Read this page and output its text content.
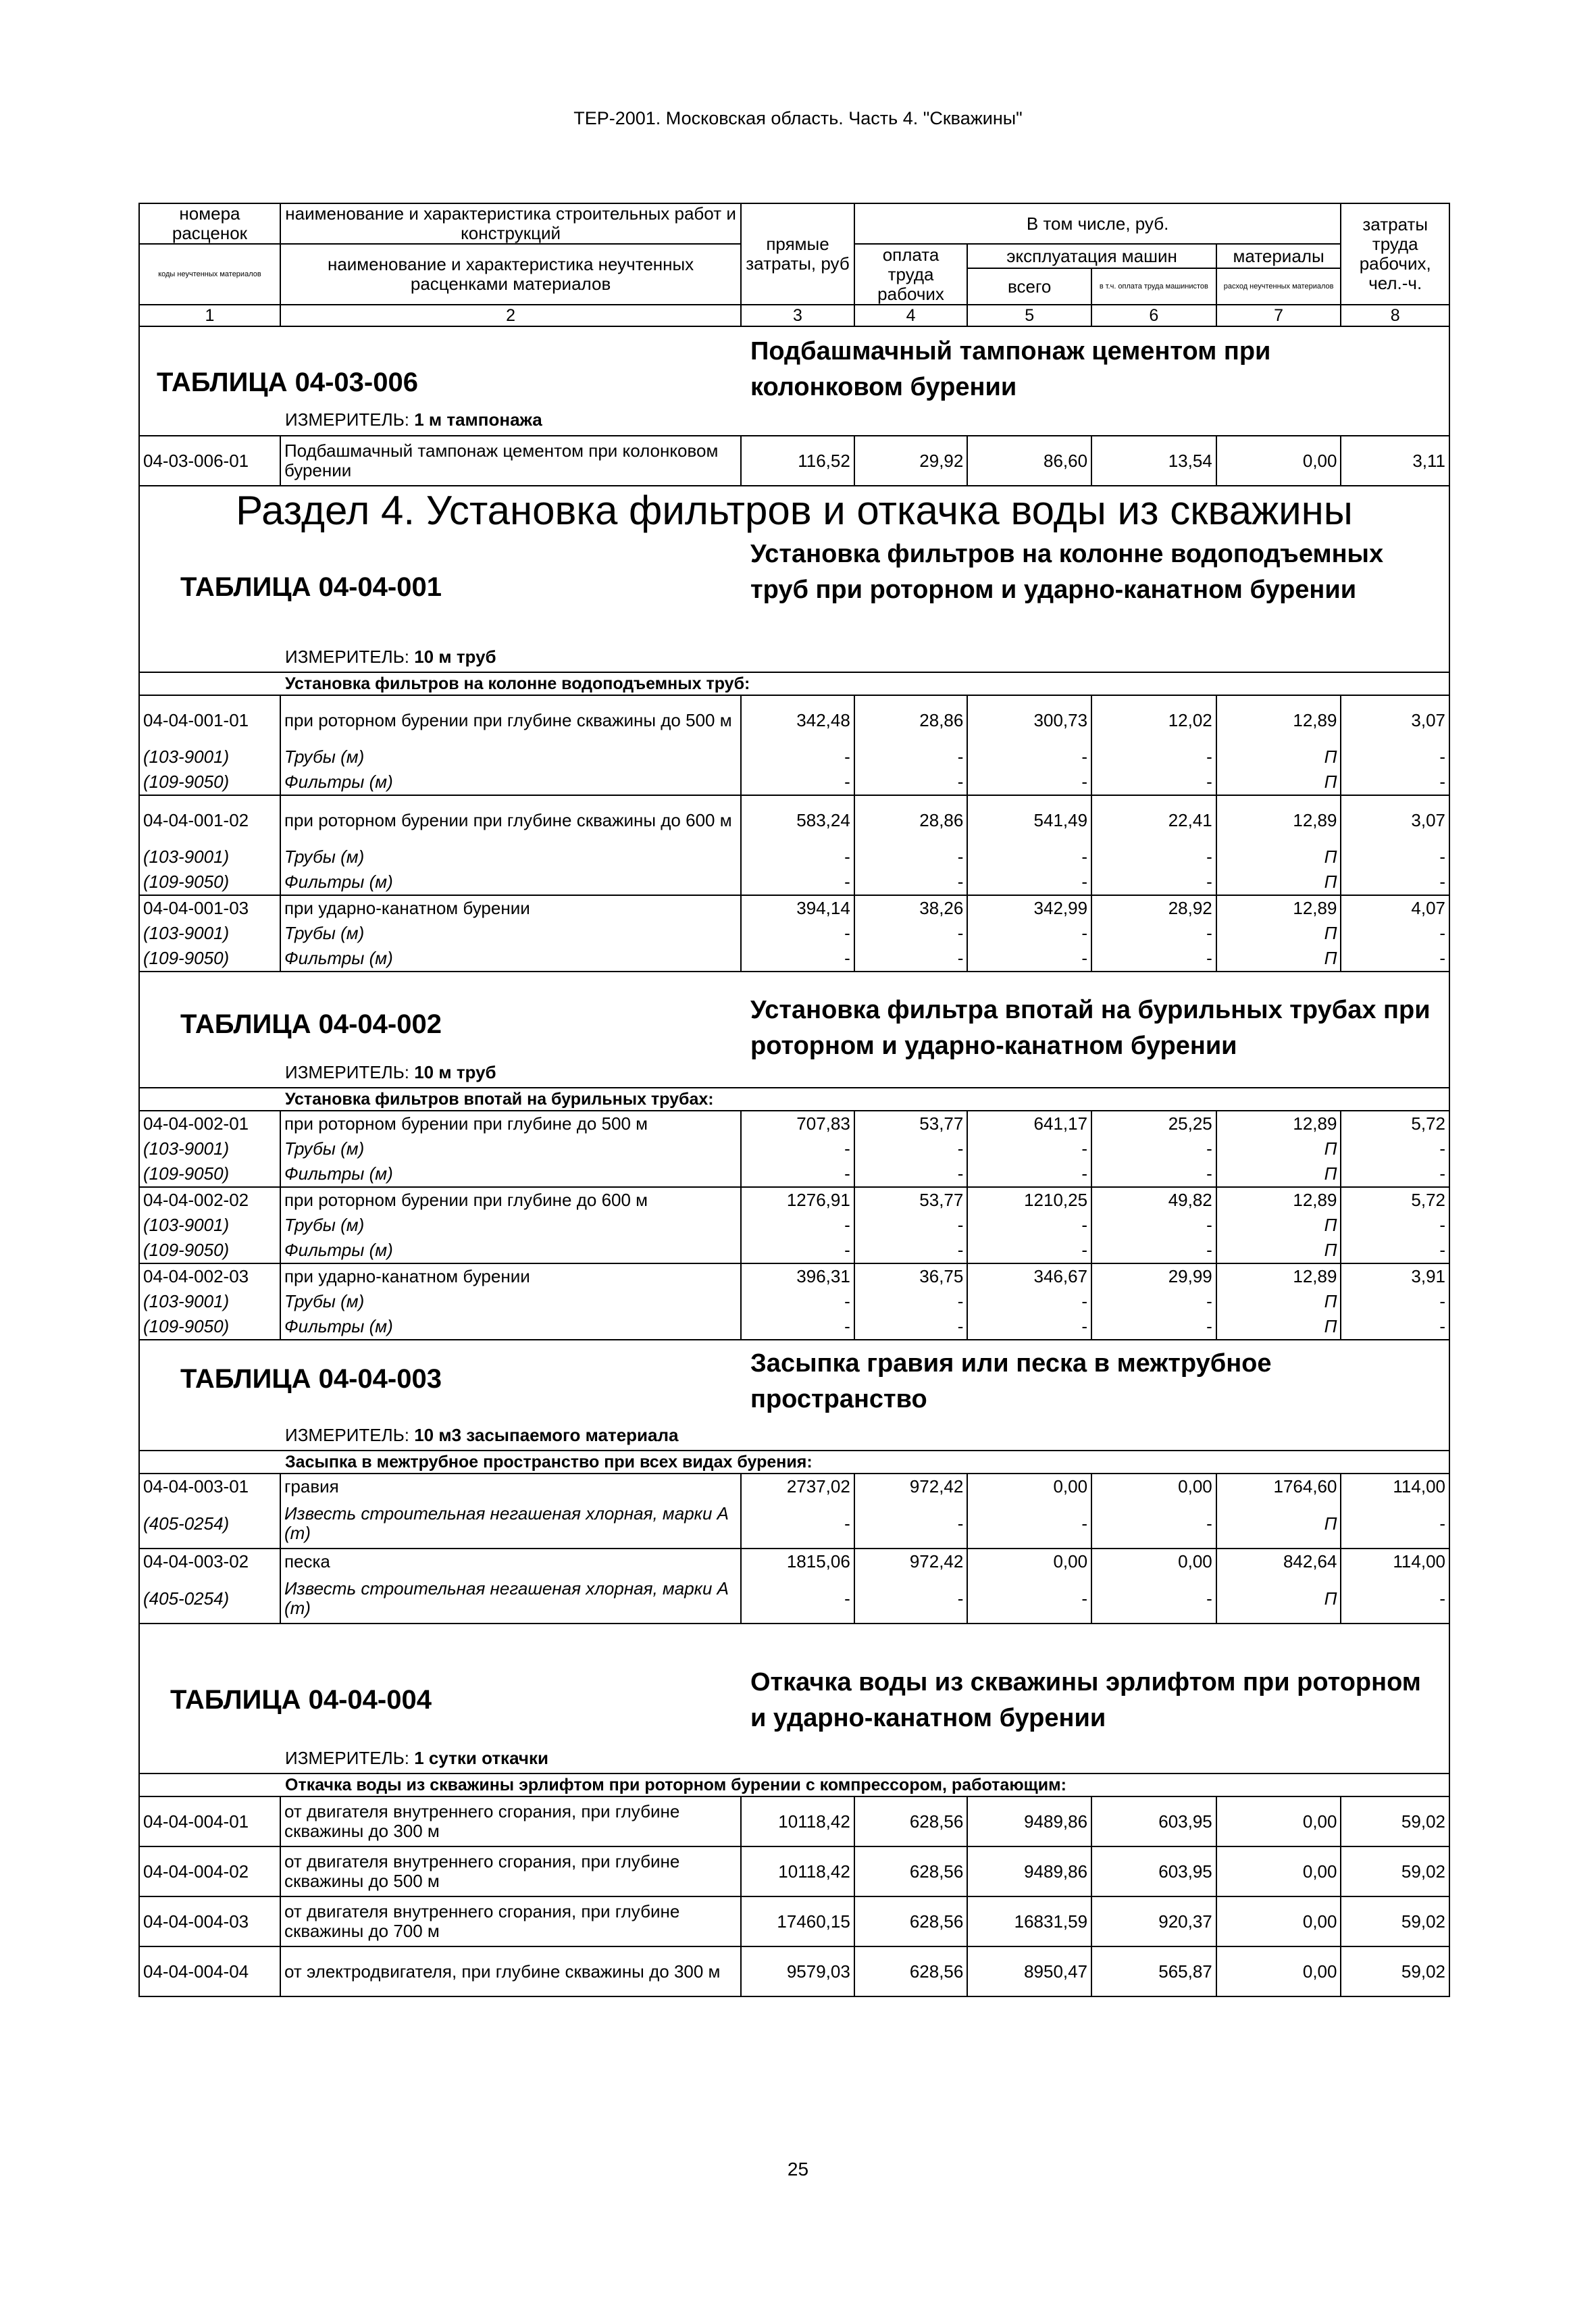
ТЕР-2001. Московская область. Часть 4. "Скважины"
номера расценок	наименование и характеристика строительных работ и конструкций	прямые затраты, руб	В том числе, руб.				затраты труда рабочих, чел.-ч.
коды неучтенных материалов	наименование и характеристика неучтенных расценками материалов		оплата труда рабочих	эксплуатация машин		материалы	
				всего	в т.ч. оплата труда машинистов	расход неучтенных материалов	
1	2	3	4	5	6	7	8
ТАБЛИЦА 04-03-006
Подбашмачный тампонаж цементом при колонковом бурении
ИЗМЕРИТЕЛЬ: 1 м тампонажа
04-03-006-01	Подбашмачный тампонаж цементом при колонковом бурении	116,52	29,92	86,60	13,54	0,00	3,11
Раздел 4. Установка фильтров и откачка воды из скважины
ТАБЛИЦА 04-04-001
Установка фильтров на колонне водоподъемных труб при роторном и ударно-канатном бурении
ИЗМЕРИТЕЛЬ: 10 м труб
Установка фильтров на колонне водоподъемных труб:
04-04-001-01	при роторном бурении при глубине скважины до 500 м	342,48	28,86	300,73	12,02	12,89	3,07
(103-9001)	Трубы (м)	-	-	-	-	П	-
(109-9050)	Фильтры (м)	-	-	-	-	П	-
04-04-001-02	при роторном бурении при глубине скважины до 600 м	583,24	28,86	541,49	22,41	12,89	3,07
(103-9001)	Трубы (м)	-	-	-	-	П	-
(109-9050)	Фильтры (м)	-	-	-	-	П	-
04-04-001-03	при ударно-канатном бурении	394,14	38,26	342,99	28,92	12,89	4,07
(103-9001)	Трубы (м)	-	-	-	-	П	-
(109-9050)	Фильтры (м)	-	-	-	-	П	-
ТАБЛИЦА 04-04-002	Установка фильтра впотай на бурильных трубах при роторном и ударно-канатном бурении
ИЗМЕРИТЕЛЬ: 10 м труб
Установка фильтров впотай на бурильных трубах:
04-04-002-01	при роторном бурении при глубине до 500 м	707,83	53,77	641,17	25,25	12,89	5,72
(103-9001)	Трубы (м)	-	-	-	-	П	-
(109-9050)	Фильтры (м)	-	-	-	-	П	-
04-04-002-02	при роторном бурении при глубине до 600 м	1276,91	53,77	1210,25	49,82	12,89	5,72
(103-9001)	Трубы (м)	-	-	-	-	П	-
(109-9050)	Фильтры (м)	-	-	-	-	П	-
04-04-002-03	при ударно-канатном бурении	396,31	36,75	346,67	29,99	12,89	3,91
(103-9001)	Трубы (м)	-	-	-	-	П	-
(109-9050)	Фильтры (м)	-	-	-	-	П	-
ТАБЛИЦА 04-04-003
Засыпка гравия или песка в межтрубное пространство
ИЗМЕРИТЕЛЬ: 10 м3 засыпаемого материала
Засыпка в межтрубное пространство при всех видах бурения:
04-04-003-01	гравия	2737,02	972,42	0,00	0,00	1764,60	114,00
(405-0254)	Известь строительная негашеная хлорная, марки А (т)	-	-	-	-	П	-
04-04-003-02	песка	1815,06	972,42	0,00	0,00	842,64	114,00
(405-0254)	Известь строительная негашеная хлорная, марки А (т)	-	-	-	-	П	-
ТАБЛИЦА 04-04-004
Откачка воды из скважины эрлифтом при роторном и ударно-канатном бурении
ИЗМЕРИТЕЛЬ: 1 сутки откачки
Откачка воды из скважины эрлифтом при роторном бурении с компрессором, работающим:
04-04-004-01	от двигателя внутреннего сгорания, при глубине скважины до 300 м	10118,42	628,56	9489,86	603,95	0,00	59,02
04-04-004-02	от двигателя внутреннего сгорания, при глубине скважины до 500 м	10118,42	628,56	9489,86	603,95	0,00	59,02
04-04-004-03	от двигателя внутреннего сгорания, при глубине скважины до 700 м	17460,15	628,56	16831,59	920,37	0,00	59,02
04-04-004-04	от электродвигателя, при глубине скважины до 300 м	9579,03	628,56	8950,47	565,87	0,00	59,02
25
